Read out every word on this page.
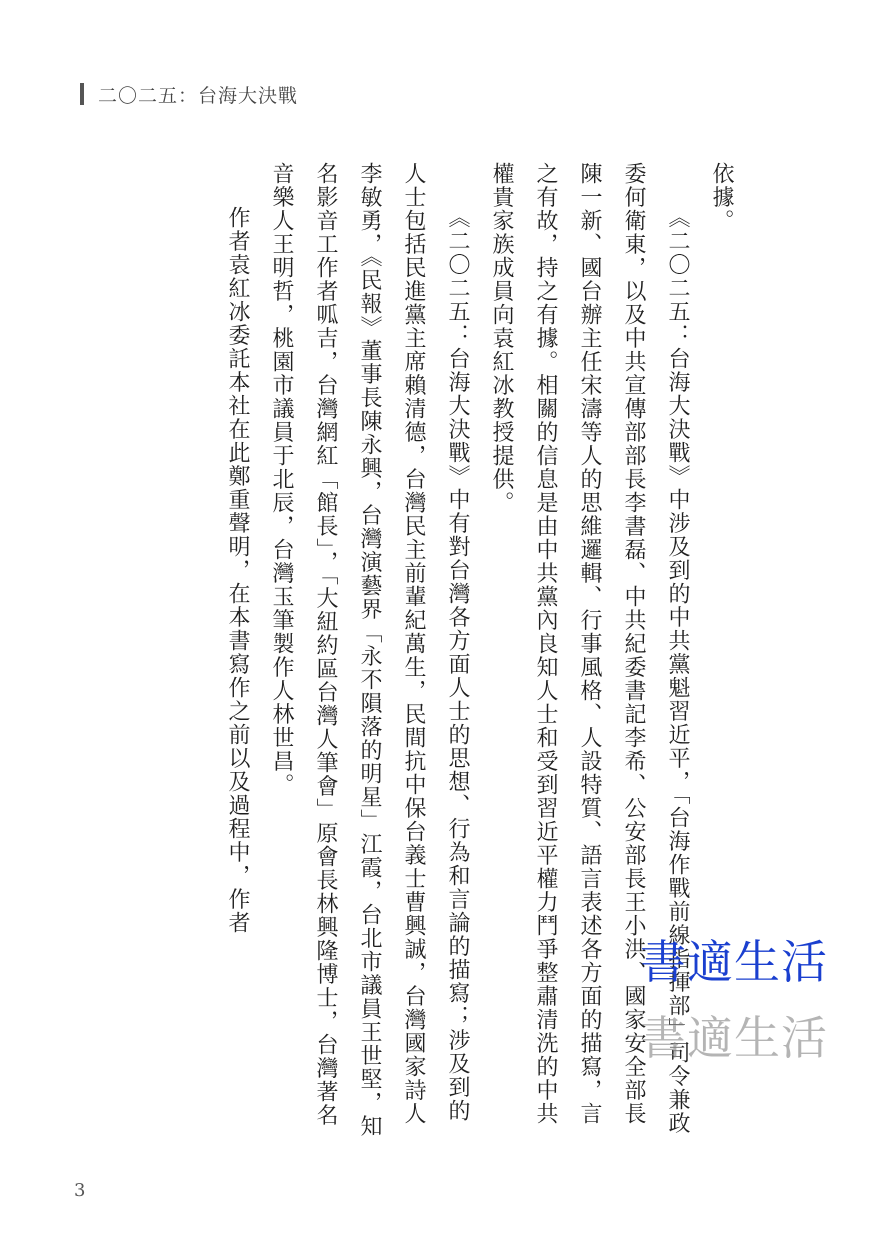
二〇二五：台海大決戰

依據。

《二〇二五：台海大決戰》中涉及到的中共黨魁習近平，「台海作戰前線指揮部」司令兼政委何衛東，以及中共宣傳部部長李書磊、中共紀委書記李希、公安部長王小洪、國家安全部長陳一新、國台辦主任宋濤等人的思維邏輯、行事風格、人設特質、語言表述各方面的描寫，言之有故，持之有據。相關的信息是由中共黨內良知人士和受到習近平權力鬥爭整肅清洗的中共權貴家族成員向袁紅冰教授提供。

《二〇二五：台海大決戰》中有對台灣各方面人士的思想、行為和言論的描寫；涉及到的人士包括民進黨主席賴清德，台灣民主前輩紀萬生，民間抗中保台義士曹興誠，台灣國家詩人李敏勇，《民報》董事長陳永興，台灣演藝界「永不隕落的明星」江霞，台北市議員王世堅，知名影音工作者呱吉，台灣網紅「館長」，「大紐約區台灣人筆會」原會長林興隆博士，台灣著名音樂人王明哲，桃園市議員于北辰，台灣玉筆製作人林世昌。

作者袁紅冰委託本社在此鄭重聲明，在本書寫作之前以及過程中，作者

3
書適生活
書適生活
